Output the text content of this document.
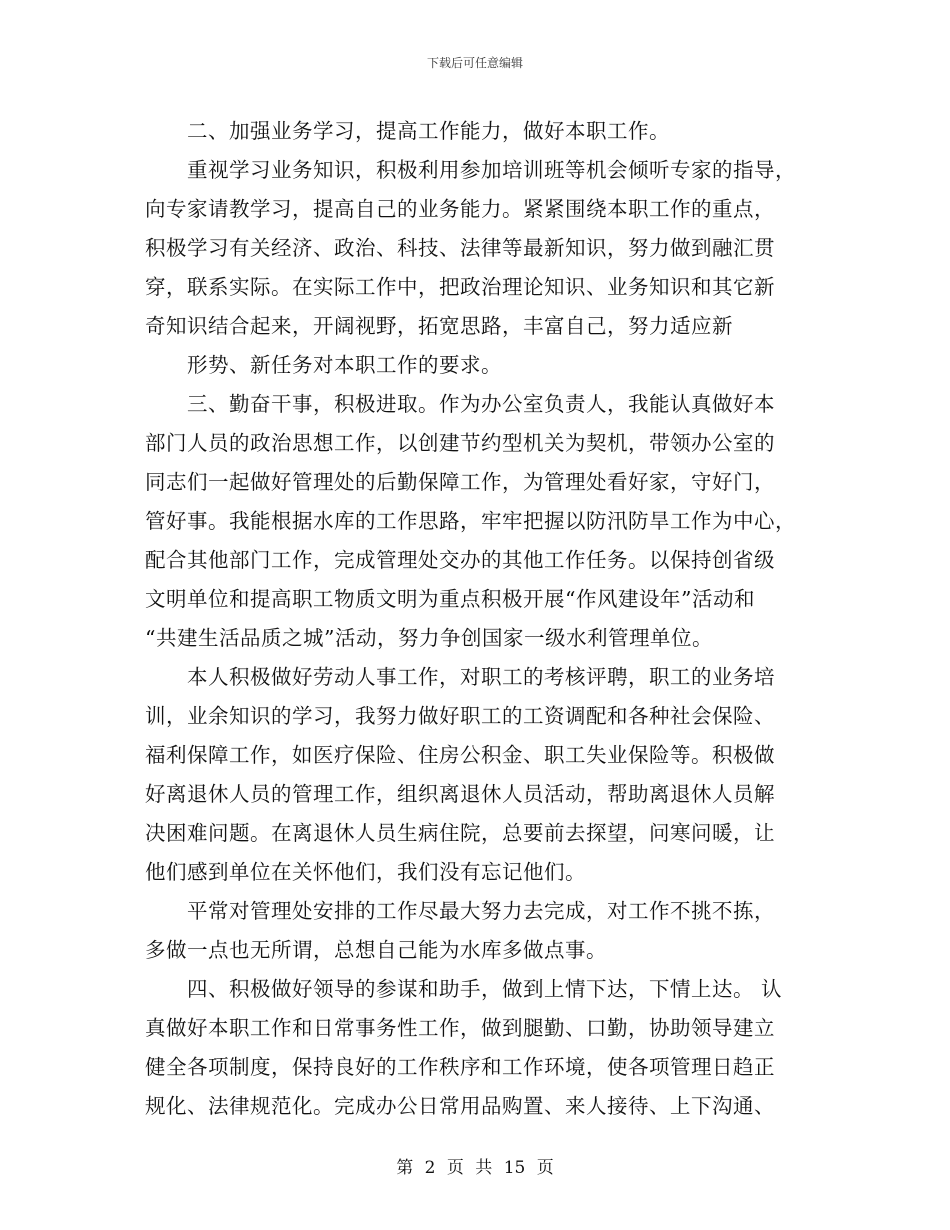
下载后可任意编辑
二、加强业务学习，提高工作能力，做好本职工作。
重视学习业务知识，积极利用参加培训班等机会倾听专家的指导，
向专家请教学习，提高自己的业务能力。紧紧围绕本职工作的重点，
积极学习有关经济、政治、科技、法律等最新知识，努力做到融汇贯
穿，联系实际。在实际工作中，把政治理论知识、业务知识和其它新
奇知识结合起来，开阔视野，拓宽思路，丰富自己，努力适应新
形势、新任务对本职工作的要求。
三、勤奋干事，积极进取。作为办公室负责人，我能认真做好本
部门人员的政治思想工作，以创建节约型机关为契机，带领办公室的
同志们一起做好管理处的后勤保障工作，为管理处看好家，守好门，
管好事。我能根据水库的工作思路，牢牢把握以防汛防旱工作为中心，
配合其他部门工作，完成管理处交办的其他工作任务。以保持创省级
文明单位和提高职工物质文明为重点积极开展“作风建设年”活动和
“共建生活品质之城”活动，努力争创国家一级水利管理单位。
本人积极做好劳动人事工作，对职工的考核评聘，职工的业务培
训，业余知识的学习，我努力做好职工的工资调配和各种社会保险、
福利保障工作，如医疗保险、住房公积金、职工失业保险等。积极做
好离退休人员的管理工作，组织离退休人员活动，帮助离退休人员解
决困难问题。在离退休人员生病住院，总要前去探望，问寒问暖，让
他们感到单位在关怀他们，我们没有忘记他们。
平常对管理处安排的工作尽最大努力去完成，对工作不挑不拣，
多做一点也无所谓，总想自己能为水库多做点事。
四、积极做好领导的参谋和助手，做到上情下达，下情上达。 认
真做好本职工作和日常事务性工作，做到腿勤、口勤，协助领导建立
健全各项制度，保持良好的工作秩序和工作环境，使各项管理日趋正
规化、法律规范化。完成办公日常用品购置、来人接待、上下沟通、
第 2 页 共 15 页
